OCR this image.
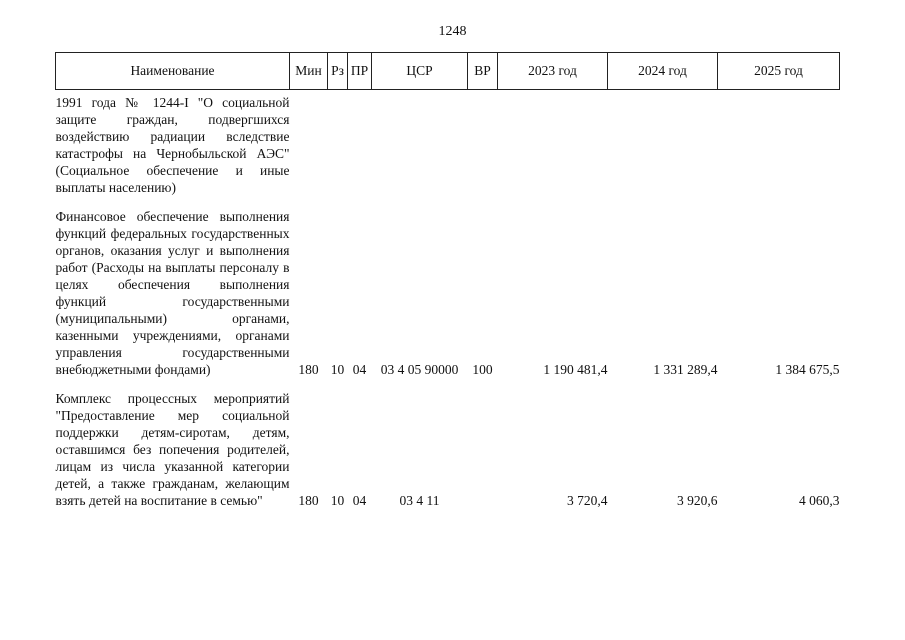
1248
Наименование	Мин	Рз	ПР	ЦСР	ВР	2023 год	2024 год	2025 год

1991 года № 1244-I "О социальной защите граждан, подвергшихся воздействию радиации вследствие катастрофы на Чернобыльской АЭС" (Социальное обеспечение и иные выплаты населению)								

Финансовое обеспечение выполнения функций федеральных государственных органов, оказания услуг и выполнения работ (Расходы на выплаты персоналу в целях обеспечения выполнения функций государственными (муниципальными) органами, казенными учреждениями, органами управления государственными внебюджетными фондами)	180	10	04	03 4 05 90000	100	1 190 481,4	1 331 289,4	1 384 675,5

Комплекс процессных мероприятий "Предоставление мер социальной поддержки детям-сиротам, детям, оставшимся без попечения родителей, лицам из числа указанной категории детей, а также гражданам, желающим взять детей на воспитание в семью"	180	10	04	03 4 11		3 720,4	3 920,6	4 060,3
